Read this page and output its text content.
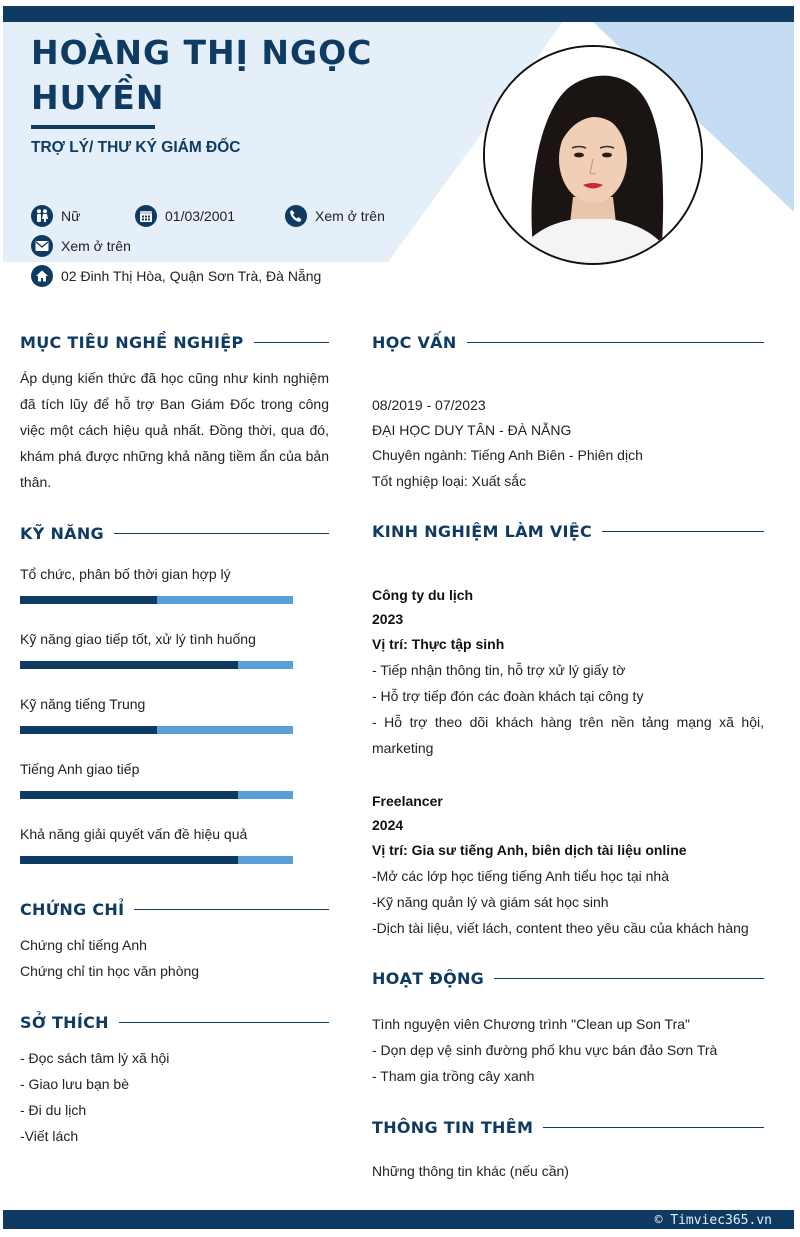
HOÀNG THỊ NGỌC
HUYỀN
TRỢ LÝ/ THƯ KÝ GIÁM ĐỐC
Nữ	01/03/2001	Xem ở trên
Xem ở trên
02 Đinh Thị Hòa, Quận Sơn Trà, Đà Nẵng
MỤC TIÊU NGHỀ NGHIỆP
Áp dụng kiến thức đã học cũng như kinh nghiệm đã tích lũy để hỗ trợ Ban Giám Đốc trong công việc một cách hiệu quả nhất. Đồng thời, qua đó, khám phá được những khả năng tiềm ẩn của bản thân.
KỸ NĂNG
Tổ chức, phân bố thời gian hợp lý
Kỹ năng giao tiếp tốt, xử lý tình huống
Kỹ năng tiếng Trung
Tiếng Anh giao tiếp
Khả năng giải quyết vấn đề hiệu quả
CHỨNG CHỈ
Chứng chỉ tiếng Anh
Chứng chỉ tin học văn phòng
SỞ THÍCH
- Đọc sách tâm lý xã hội
- Giao lưu bạn bè
- Đi du lịch
-Viết lách
HỌC VẤN
08/2019 - 07/2023
ĐẠI HỌC DUY TÂN - ĐÀ NẴNG
Chuyên ngành: Tiếng Anh Biên - Phiên dịch
Tốt nghiệp loại: Xuất sắc
KINH NGHIỆM LÀM VIỆC
Công ty du lịch
2023
Vị trí: Thực tập sinh
- Tiếp nhận thông tin, hỗ trợ xử lý giấy tờ
- Hỗ trợ tiếp đón các đoàn khách tại công ty
- Hỗ trợ theo dõi khách hàng trên nền tảng mạng xã hội, marketing
Freelancer
2024
Vị trí: Gia sư tiếng Anh, biên dịch tài liệu online
-Mở các lớp học tiếng tiếng Anh tiểu học tại nhà
-Kỹ năng quản lý và giám sát học sinh
-Dịch tài liệu, viết lách, content theo yêu cầu của khách hàng
HOẠT ĐỘNG
Tình nguyện viên Chương trình "Clean up Son Tra"
- Dọn dẹp vệ sinh đường phố khu vực bán đảo Sơn Trà
- Tham gia trồng cây xanh
THÔNG TIN THÊM
Những thông tin khác (nếu cần)
© Timviec365.vn
